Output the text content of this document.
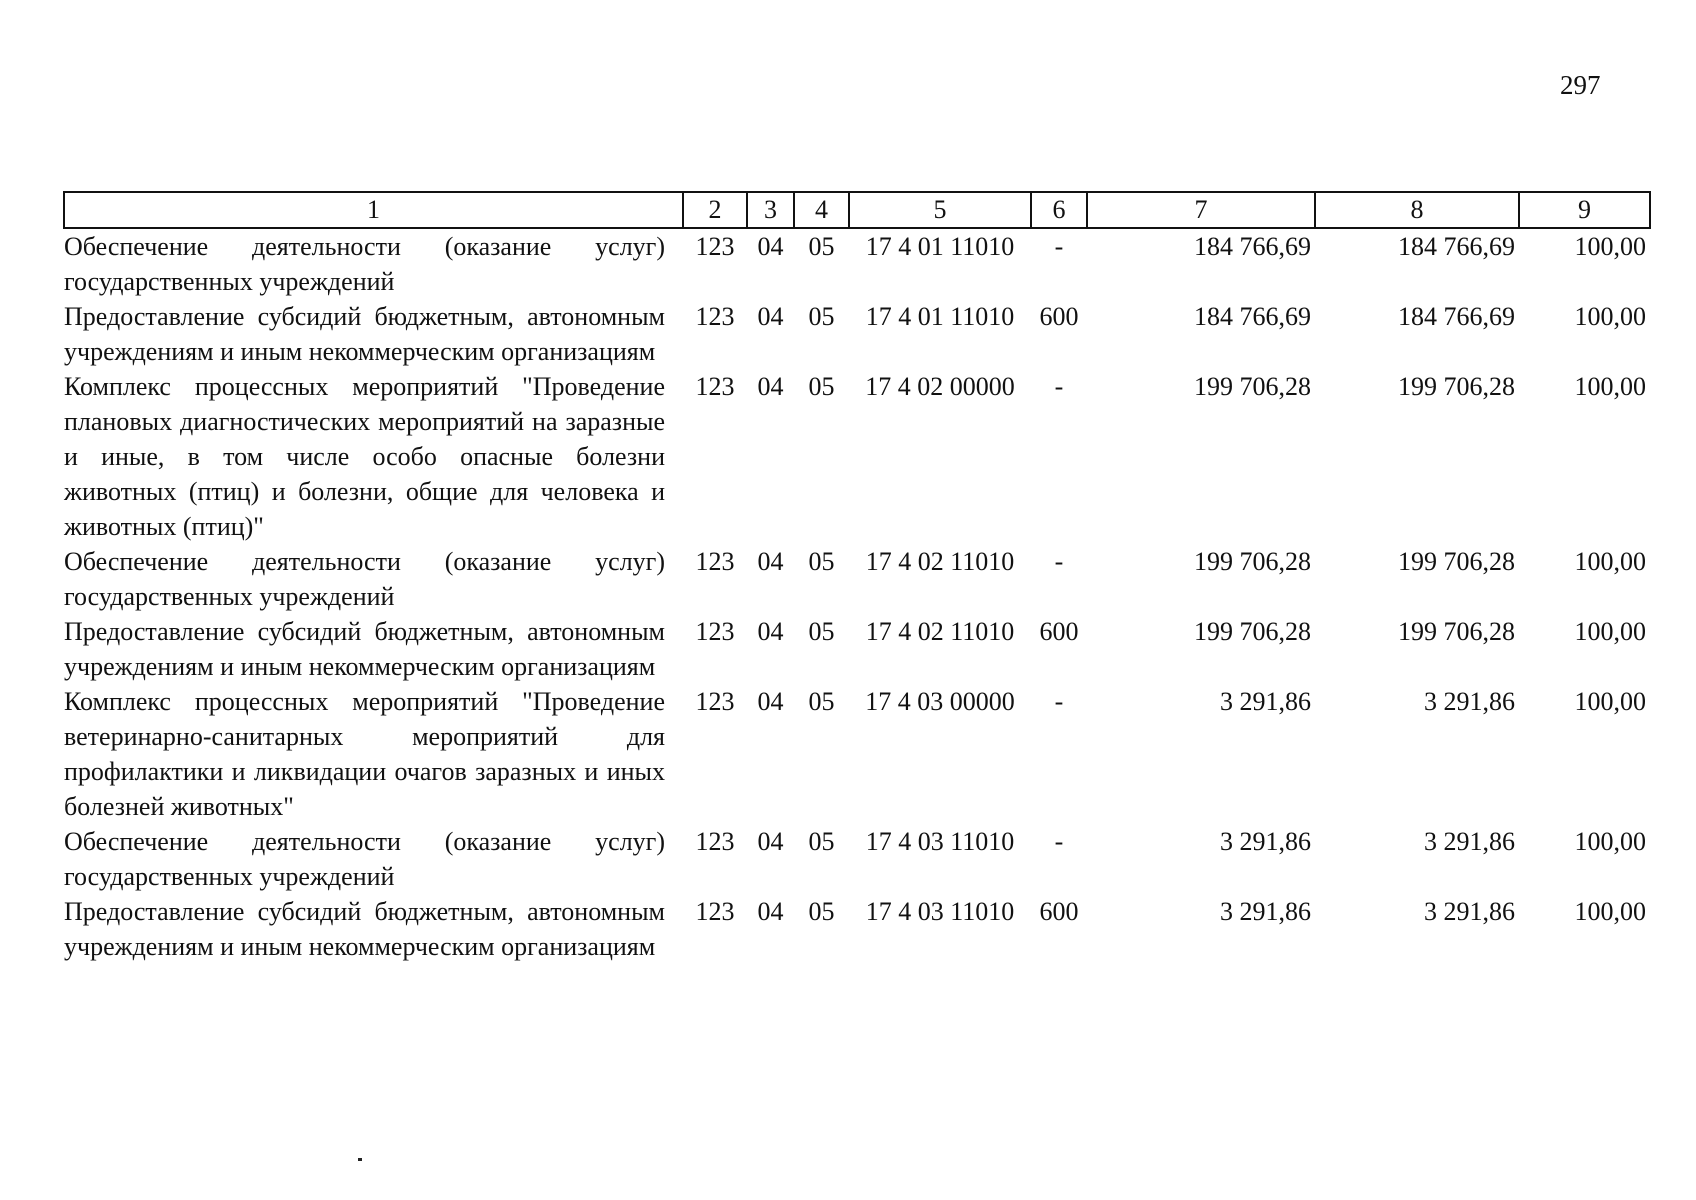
297
1	2	3	4	5	6	7	8	9
Обеспечение деятельности (оказание услуг) государственных учреждений	123	04	05	17 4 01 11010	-	184 766,69	184 766,69	100,00
Предоставление субсидий бюджетным, автономным учреждениям и иным некоммерческим организациям	123	04	05	17 4 01 11010	600	184 766,69	184 766,69	100,00
Комплекс процессных мероприятий "Проведение плановых диагностических мероприятий на заразные и иные, в том числе особо опасные болезни животных (птиц) и болезни, общие для человека и животных (птиц)"	123	04	05	17 4 02 00000	-	199 706,28	199 706,28	100,00
Обеспечение деятельности (оказание услуг) государственных учреждений	123	04	05	17 4 02 11010	-	199 706,28	199 706,28	100,00
Предоставление субсидий бюджетным, автономным учреждениям и иным некоммерческим организациям	123	04	05	17 4 02 11010	600	199 706,28	199 706,28	100,00
Комплекс процессных мероприятий "Проведение ветеринарно-санитарных мероприятий для профилактики и ликвидации очагов заразных и иных болезней животных"	123	04	05	17 4 03 00000	-	3 291,86	3 291,86	100,00
Обеспечение деятельности (оказание услуг) государственных учреждений	123	04	05	17 4 03 11010	-	3 291,86	3 291,86	100,00
Предоставление субсидий бюджетным, автономным учреждениям и иным некоммерческим организациям	123	04	05	17 4 03 11010	600	3 291,86	3 291,86	100,00
